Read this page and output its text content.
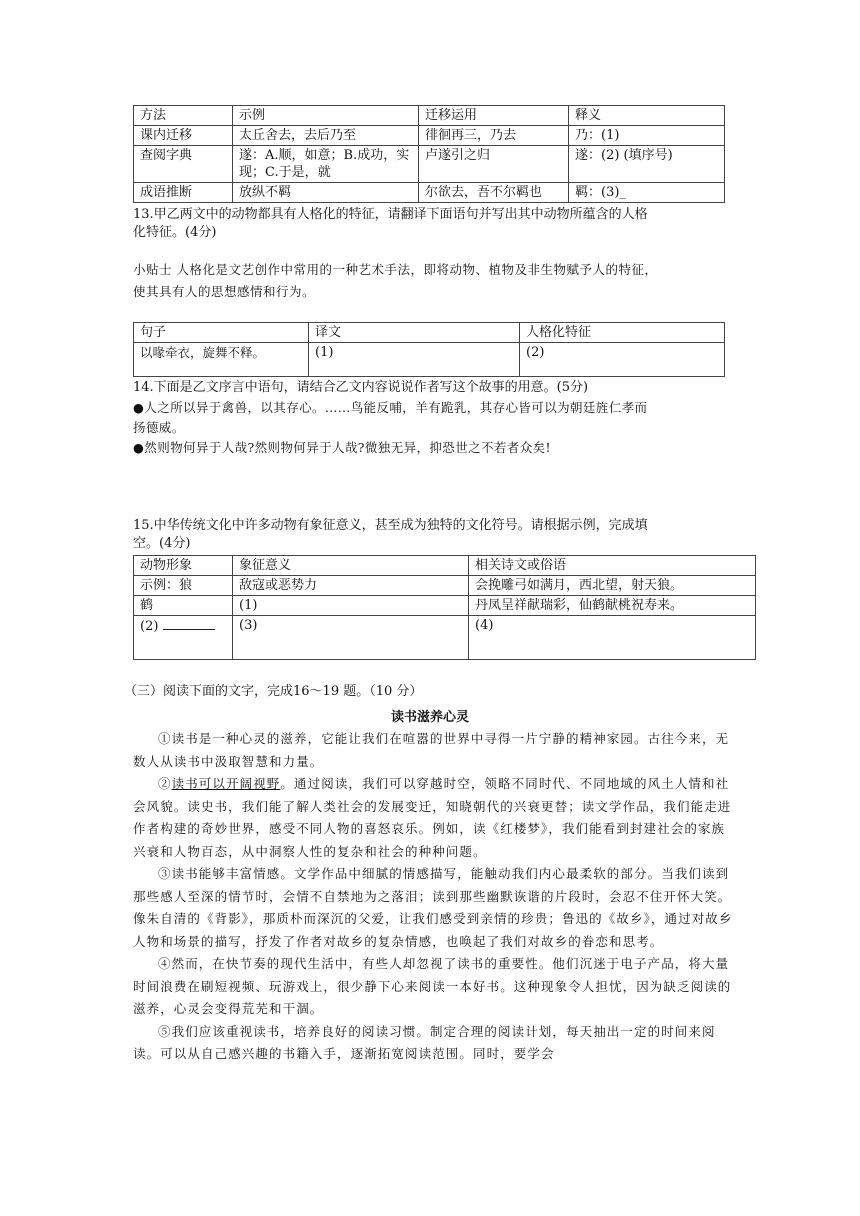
方法	示例	迁移运用	释义
课内迁移	太丘舍去，去后乃至	徘徊再三，乃去	乃：(1)
查阅字典	遂：A.顺，如意；B.成功，实现；C.于是，就	卢遂引之归	遂：(2) (填序号)
成语推断	放纵不羁	尔欲去，吾不尔羁也	羁：(3)_
13.甲乙两文中的动物都具有人格化的特征，请翻译下面语句并写出其中动物所蕴含的人格
化特征。(4分)
小贴士 人格化是文艺创作中常用的一种艺术手法，即将动物、植物及非生物赋予人的特征，
使其具有人的思想感情和行为。
句子	译文	人格化特征
以喙牵衣，旋舞不释。	(1)	(2)
14.下面是乙文序言中语句，请结合乙文内容说说作者写这个故事的用意。(5分)
●人之所以异于禽兽，以其存心。……鸟能反哺，羊有跪乳，其存心皆可以为朝廷旌仁孝而
扬德威。
●然则物何异于人哉?然则物何异于人哉?微独无异，抑恐世之不若者众矣!
15.中华传统文化中许多动物有象征意义，甚至成为独特的文化符号。请根据示例，完成填
空。(4分)
动物形象	象征意义	相关诗文或俗语
示例：狼	敌寇或恶势力	会挽雕弓如满月，西北望，射天狼。
鹤	(1)	丹凤呈祥献瑞彩，仙鹤献桃祝寿来。
(2)	(3)	(4)
（三）阅读下面的文字，完成16～19 题。（10 分）
读书滋养心灵
①读书是一种心灵的滋养，它能让我们在喧嚣的世界中寻得一片宁静的精神家园。古往今来，无数人从读书中汲取智慧和力量。
②读书可以开阔视野。通过阅读，我们可以穿越时空，领略不同时代、不同地域的风土人情和社会风貌。读史书，我们能了解人类社会的发展变迁，知晓朝代的兴衰更替；读文学作品，我们能走进作者构建的奇妙世界，感受不同人物的喜怒哀乐。例如，读《红楼梦》，我们能看到封建社会的家族兴衰和人物百态，从中洞察人性的复杂和社会的种种问题。
③读书能够丰富情感。文学作品中细腻的情感描写，能触动我们内心最柔软的部分。当我们读到那些感人至深的情节时，会情不自禁地为之落泪；读到那些幽默诙谐的片段时，会忍不住开怀大笑。像朱自清的《背影》，那质朴而深沉的父爱，让我们感受到亲情的珍贵；鲁迅的《故乡》，通过对故乡人物和场景的描写，抒发了作者对故乡的复杂情感，也唤起了我们对故乡的眷恋和思考。
④然而，在快节奏的现代生活中，有些人却忽视了读书的重要性。他们沉迷于电子产品，将大量时间浪费在刷短视频、玩游戏上，很少静下心来阅读一本好书。这种现象令人担忧，因为缺乏阅读的滋养，心灵会变得荒芜和干涸。
⑤我们应该重视读书，培养良好的阅读习惯。制定合理的阅读计划，每天抽出一定的时间来阅读。可以从自己感兴趣的书籍入手，逐渐拓宽阅读范围。同时，要学会
